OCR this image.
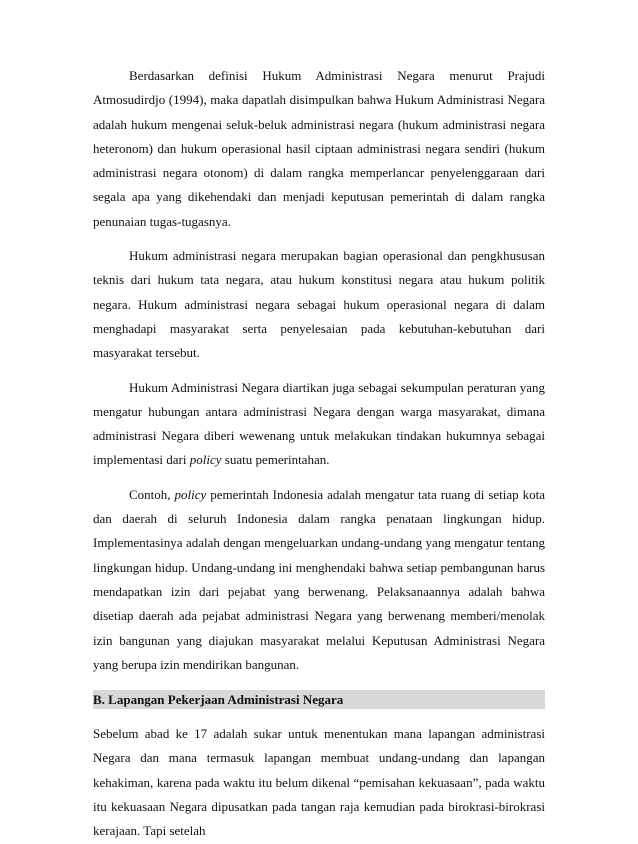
Berdasarkan definisi Hukum Administrasi Negara menurut Prajudi Atmosudirdjo (1994), maka dapatlah disimpulkan bahwa Hukum Administrasi Negara adalah hukum mengenai seluk-beluk administrasi negara (hukum administrasi negara heteronom) dan hukum operasional hasil ciptaan administrasi negara sendiri (hukum administrasi negara otonom) di dalam rangka memperlancar penyelenggaraan dari segala apa yang dikehendaki dan menjadi keputusan pemerintah di dalam rangka penunaian tugas-tugasnya.

Hukum administrasi negara merupakan bagian operasional dan pengkhususan teknis dari hukum tata negara, atau hukum konstitusi negara atau hukum politik negara. Hukum administrasi negara sebagai hukum operasional negara di dalam menghadapi masyarakat serta penyelesaian pada kebutuhan-kebutuhan dari masyarakat tersebut.

Hukum Administrasi Negara diartikan juga sebagai sekumpulan peraturan yang mengatur hubungan antara administrasi Negara dengan warga masyarakat, dimana administrasi Negara diberi wewenang untuk melakukan tindakan hukumnya sebagai implementasi dari policy suatu pemerintahan.

Contoh, policy pemerintah Indonesia adalah mengatur tata ruang di setiap kota dan daerah di seluruh Indonesia dalam rangka penataan lingkungan hidup. Implementasinya adalah dengan mengeluarkan undang-undang yang mengatur tentang lingkungan hidup. Undang-undang ini menghendaki bahwa setiap pembangunan harus mendapatkan izin dari pejabat yang berwenang. Pelaksanaannya adalah bahwa disetiap daerah ada pejabat administrasi Negara yang berwenang memberi/menolak izin bangunan yang diajukan masyarakat melalui Keputusan Administrasi Negara yang berupa izin mendirikan bangunan.

B. Lapangan Pekerjaan Administrasi Negara

Sebelum abad ke 17 adalah sukar untuk menentukan mana lapangan administrasi Negara dan mana termasuk lapangan membuat undang-undang dan lapangan kehakiman, karena pada waktu itu belum dikenal “pemisahan kekuasaan”, pada waktu itu kekuasaan Negara dipusatkan pada tangan raja kemudian pada birokrasi-birokrasi kerajaan. Tapi setelah
